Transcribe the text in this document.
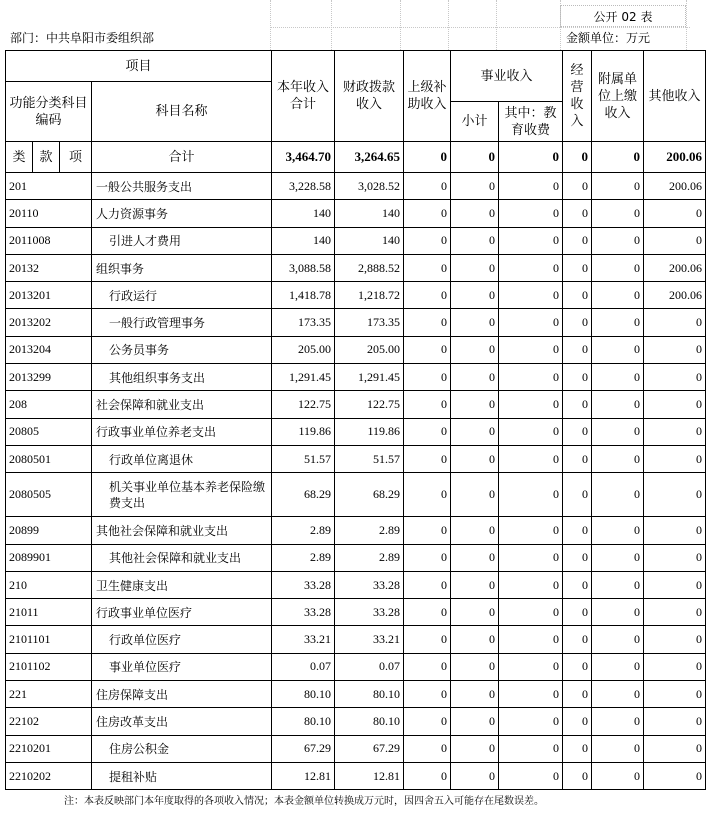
公开 02 表
部门：中共阜阳市委组织部	金额单位：万元
项目				本年收入合计	财政拨款收入	上级补助收入	事业收入		经营收入	附属单位上缴收入	其他收入
功能分类科目编码			科目名称								
							小计	其中：教育收费			
类	款	项	合计	3,464.70	3,264.65	0	0	0	0	0	200.06
201			一般公共服务支出	3,228.58	3,028.52	0	0	0	0	0	200.06
20110			人力资源事务	140	140	0	0	0	0	0	0
2011008			引进人才费用	140	140	0	0	0	0	0	0
20132			组织事务	3,088.58	2,888.52	0	0	0	0	0	200.06
2013201			行政运行	1,418.78	1,218.72	0	0	0	0	0	200.06
2013202			一般行政管理事务	173.35	173.35	0	0	0	0	0	0
2013204			公务员事务	205.00	205.00	0	0	0	0	0	0
2013299			其他组织事务支出	1,291.45	1,291.45	0	0	0	0	0	0
208			社会保障和就业支出	122.75	122.75	0	0	0	0	0	0
20805			行政事业单位养老支出	119.86	119.86	0	0	0	0	0	0
2080501			行政单位离退休	51.57	51.57	0	0	0	0	0	0
2080505			机关事业单位基本养老保险缴费支出	68.29	68.29	0	0	0	0	0	0
20899			其他社会保障和就业支出	2.89	2.89	0	0	0	0	0	0
2089901			其他社会保障和就业支出	2.89	2.89	0	0	0	0	0	0
210			卫生健康支出	33.28	33.28	0	0	0	0	0	0
21011			行政事业单位医疗	33.28	33.28	0	0	0	0	0	0
2101101			行政单位医疗	33.21	33.21	0	0	0	0	0	0
2101102			事业单位医疗	0.07	0.07	0	0	0	0	0	0
221			住房保障支出	80.10	80.10	0	0	0	0	0	0
22102			住房改革支出	80.10	80.10	0	0	0	0	0	0
2210201			住房公积金	67.29	67.29	0	0	0	0	0	0
2210202			提租补贴	12.81	12.81	0	0	0	0	0	0
注：本表反映部门本年度取得的各项收入情况；本表金额单位转换成万元时，因四舍五入可能存在尾数误差。
